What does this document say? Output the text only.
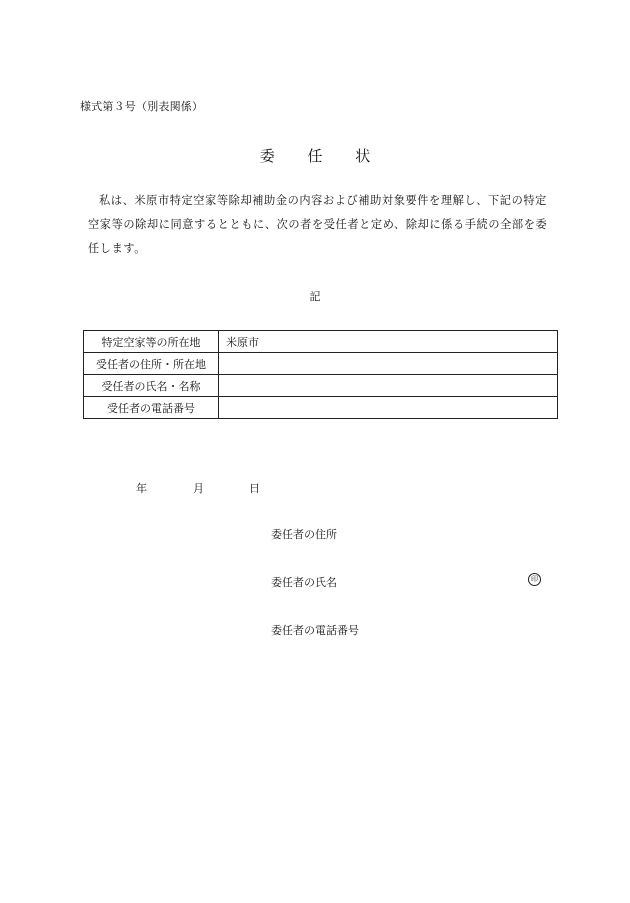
様式第３号（別表関係）
委 任 状
私は、米原市特定空家等除却補助金の内容および補助対象要件を理解し、下記の特定空家等の除却に同意するとともに、次の者を受任者と定め、除却に係る手続の全部を委任します。
記
特定空家等の所在地	米原市
受任者の住所・所在地	
受任者の氏名・名称	
受任者の電話番号	
年	月	日
委任者の住所
委任者の氏名	印
委任者の電話番号
